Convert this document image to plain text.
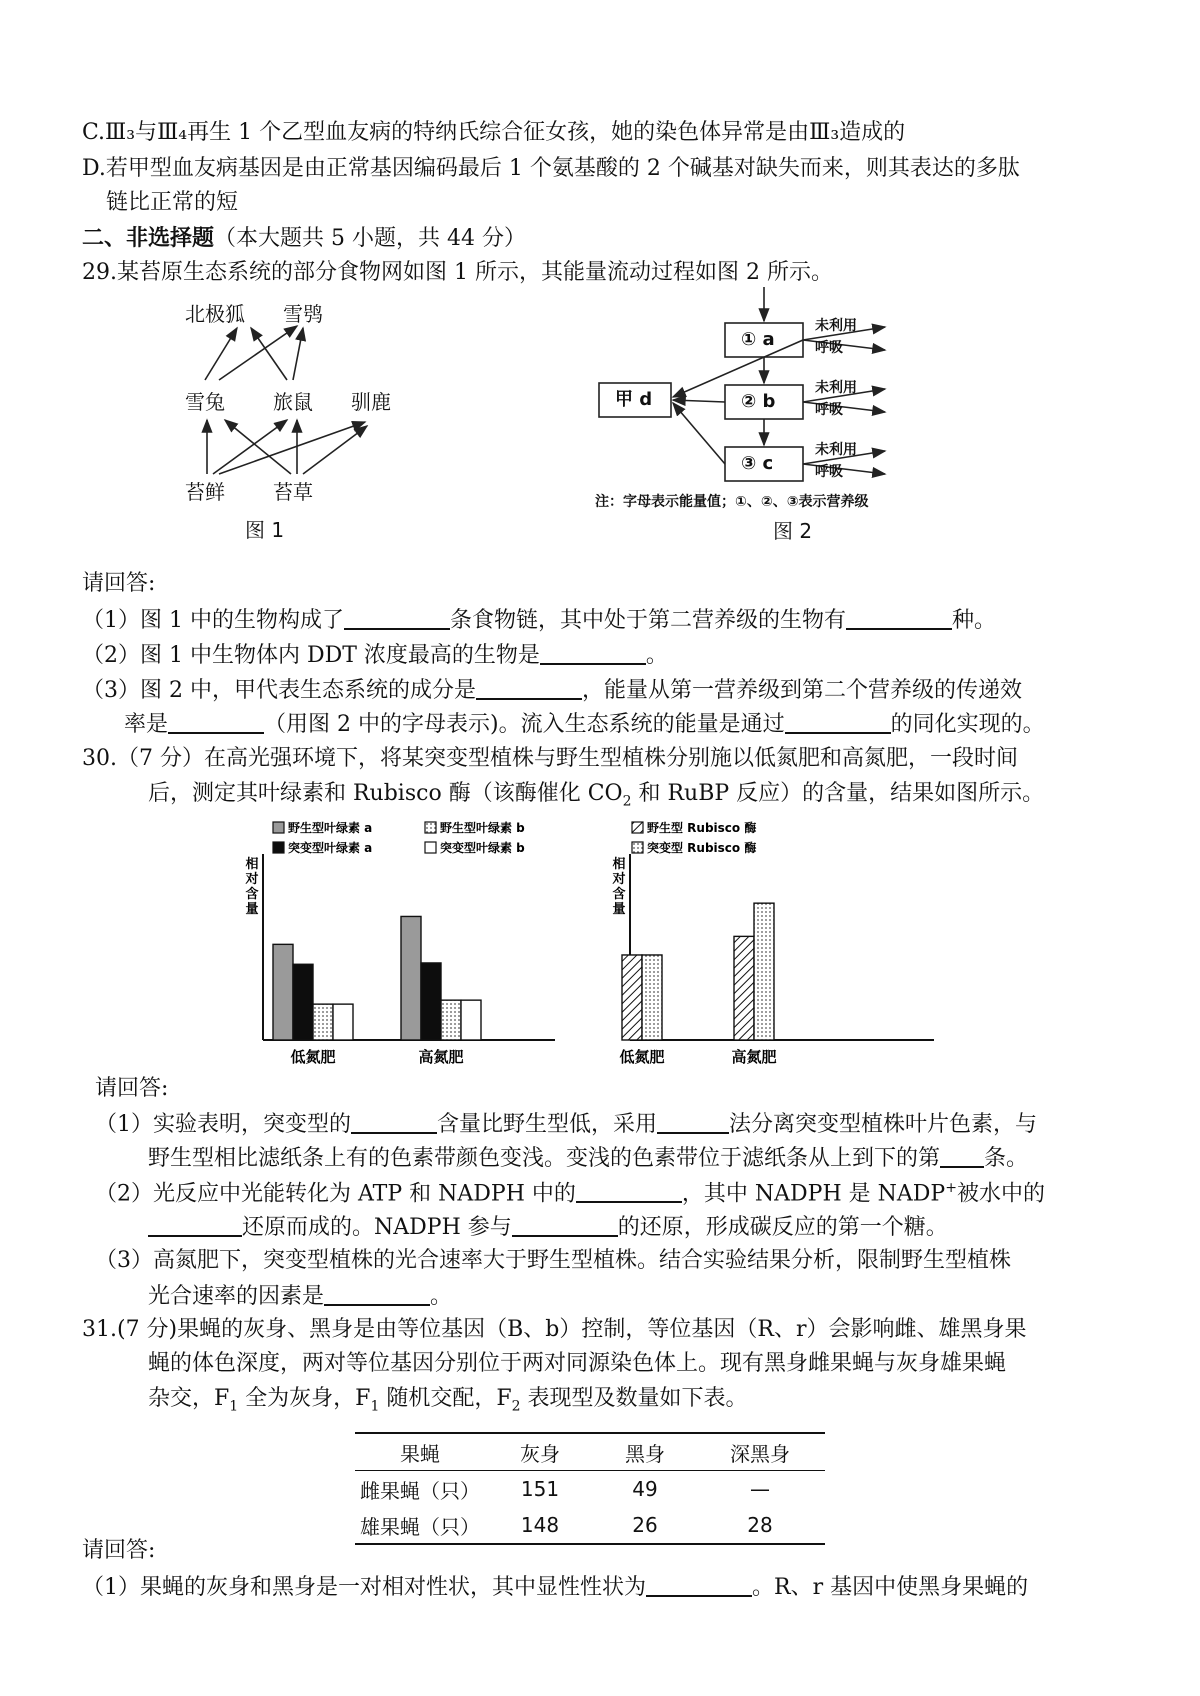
C.Ⅲ₃与Ⅲ₄再生 1 个乙型血友病的特纳氏综合征女孩，她的染色体异常是由Ⅲ₃造成的
D.若甲型血友病基因是由正常基因编码最后 1 个氨基酸的 2 个碱基对缺失而来，则其表达的多肽
链比正常的短
二、非选择题（本大题共 5 小题，共 44 分）
29.某苔原生态系统的部分食物网如图 1 所示，其能量流动过程如图 2 所示。
北极狐 雪鸮
雪兔 旅鼠 驯鹿
苔鲜 苔草
图 1
① a
② b
③ c
甲 d
未利用
呼吸
未利用
呼吸
未利用
呼吸
注：字母表示能量值；①、②、③表示营养级
图 2
请回答:
（1）图 1 中的生物构成了	条食物链，其中处于第二营养级的生物有	种。
（2）图 1 中生物体内 DDT 浓度最高的生物是	。
（3）图 2 中，甲代表生态系统的成分是	，能量从第一营养级到第二个营养级的传递效
率是	（用图 2 中的字母表示)。流入生态系统的能量是通过	的同化实现的。
30.（7 分）在高光强环境下，将某突变型植株与野生型植株分别施以低氮肥和高氮肥，一段时间
后，测定其叶绿素和 Rubisco 酶（该酶催化 $CO_2$ 和 RuBP 反应）的含量，结果如图所示。
相
对
含
量
低氮肥	高氮肥
野生型叶绿素 a
突变型叶绿素 a
野生型叶绿素 b
突变型叶绿素 b
相
对
含
量
低氮肥	高氮肥
野生型 Rubisco 酶
突变型 Rubisco 酶
请回答:
（1）实验表明，突变型的	含量比野生型低，采用	法分离突变型植株叶片色素，与
野生型相比滤纸条上有的色素带颜色变浅。变浅的色素带位于滤纸条从上到下的第 条。
（2）光反应中光能转化为 ATP 和 NADPH 中的	，其中 NADPH 是 NADP+被水中的
还原而成的。NADPH 参与	的还原，形成碳反应的第一个糖。
（3）高氮肥下，突变型植株的光合速率大于野生型植株。结合实验结果分析，限制野生型植株
光合速率的因素是	。
31.(7 分)果蝇的灰身、黑身是由等位基因（B、b）控制，等位基因（R、r）会影响雌、雄黑身果
蝇的体色深度，两对等位基因分别位于两对同源染色体上。现有黑身雌果蝇与灰身雄果蝇
杂交，$F_1$ 全为灰身，$F_1$ 随机交配，$F_2$ 表现型及数量如下表。
果蝇	灰身	黑身	深黑身
雌果蝇（只）	151	49	—
雄果蝇（只）	148	26	28
请回答:
（1）果蝇的灰身和黑身是一对相对性状，其中显性性状为	。R、r 基因中使黑身果蝇的
